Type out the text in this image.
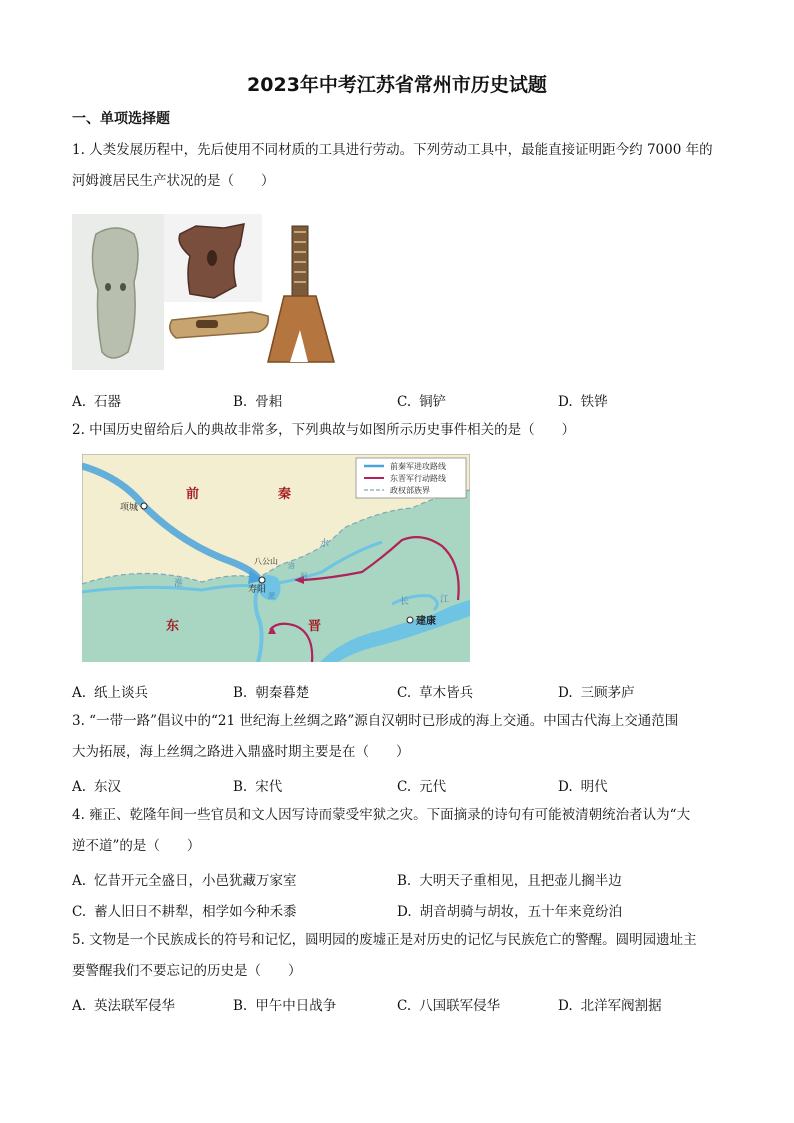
2023年中考江苏省常州市历史试题
一、单项选择题
1. 人类发展历程中，先后使用不同材质的工具进行劳动。下列劳动工具中，最能直接证明距今约 7000 年的
河姆渡居民生产状况的是（　　）
A. 石器	B. 骨耜	C. 铜铲	D. 铁铧
2. 中国历史留给后人的典故非常多，下列典故与如图所示历史事件相关的是（　　）
前秦军进攻路线
东晋军行动路线
政权部族界
前	秦
东	晋
项城
八公山
寿阳
建康
淮
水
长	江
淝
洛
涧
A. 纸上谈兵	B. 朝秦暮楚	C. 草木皆兵	D. 三顾茅庐
3. “一带一路”倡议中的“21 世纪海上丝绸之路”源自汉朝时已形成的海上交通。中国古代海上交通范围
大为拓展，海上丝绸之路进入鼎盛时期主要是在（　　）
A. 东汉	B. 宋代	C. 元代	D. 明代
4. 雍正、乾隆年间一些官员和文人因写诗而蒙受牢狱之灾。下面摘录的诗句有可能被清朝统治者认为“大
逆不道”的是（　　）
A. 忆昔开元全盛日，小邑犹藏万家室	B. 大明天子重相见，且把壶儿搁半边
C. 蓄人旧日不耕犁，相学如今种禾黍	D. 胡音胡骑与胡妆，五十年来竟纷泊
5. 文物是一个民族成长的符号和记忆，圆明园的废墟正是对历史的记忆与民族危亡的警醒。圆明园遗址主
要警醒我们不要忘记的历史是（　　）
A. 英法联军侵华	B. 甲午中日战争	C. 八国联军侵华	D. 北洋军阀割据
